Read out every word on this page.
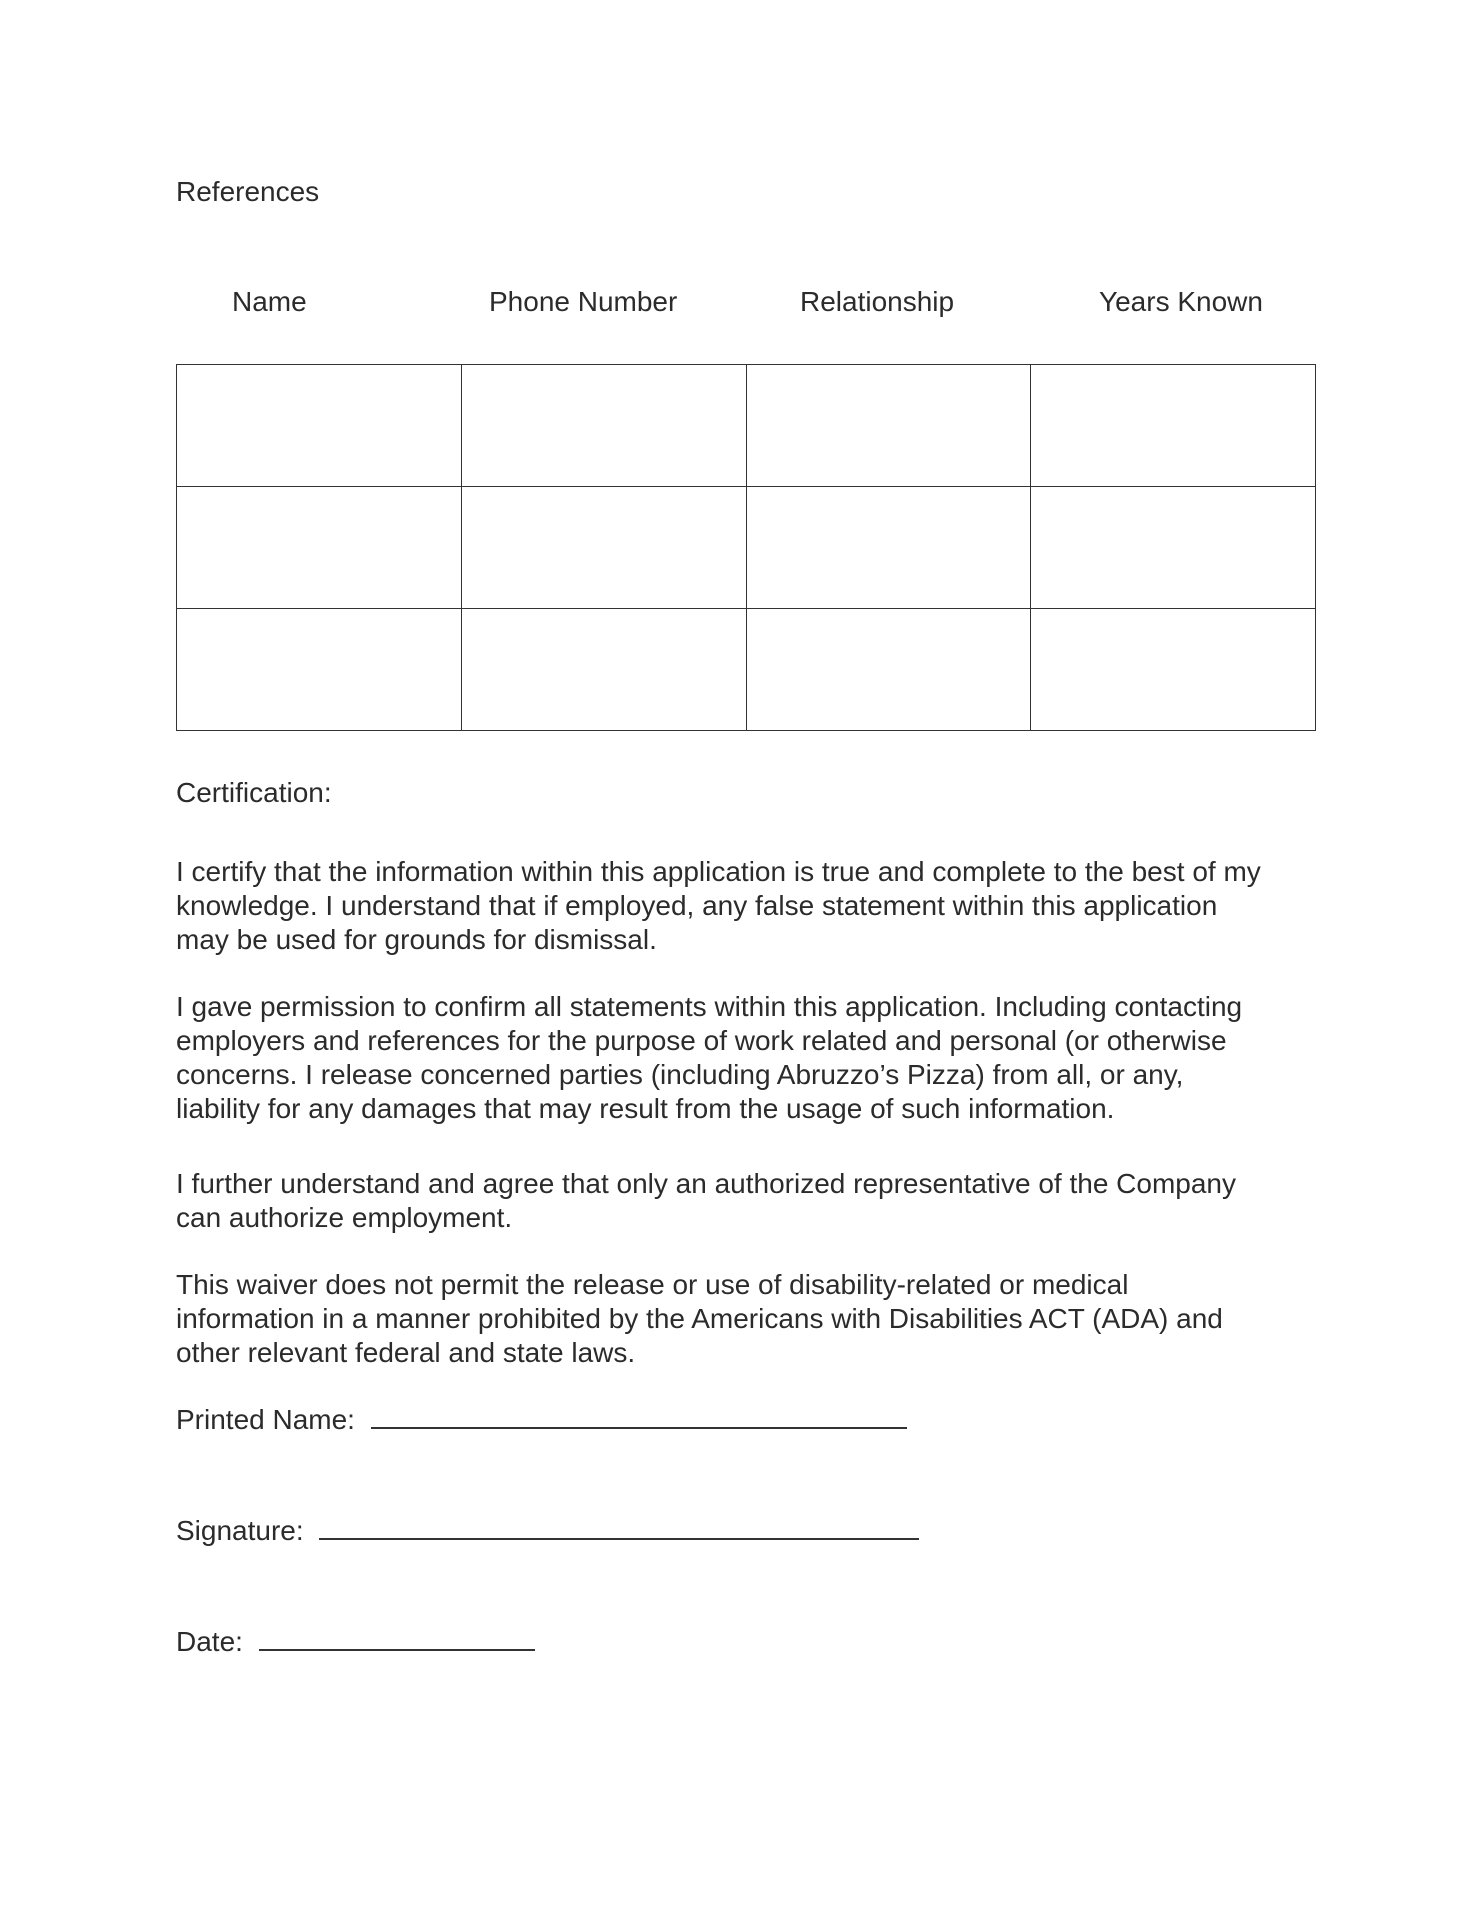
References

Name	Phone Number	Relationship	Years Known

Certification:

I certify that the information within this application is true and complete to the best of my
knowledge. I understand that if employed, any false statement within this application
may be used for grounds for dismissal.
I gave permission to confirm all statements within this application. Including contacting
employers and references for the purpose of work related and personal (or otherwise
concerns. I release concerned parties (including Abruzzo’s Pizza) from all, or any,
liability for any damages that may result from the usage of such information.
I further understand and agree that only an authorized representative of the Company
can authorize employment.
This waiver does not permit the release or use of disability-related or medical
information in a manner prohibited by the Americans with Disabilities ACT (ADA) and
other relevant federal and state laws.
Printed Name:
Signature:
Date:
